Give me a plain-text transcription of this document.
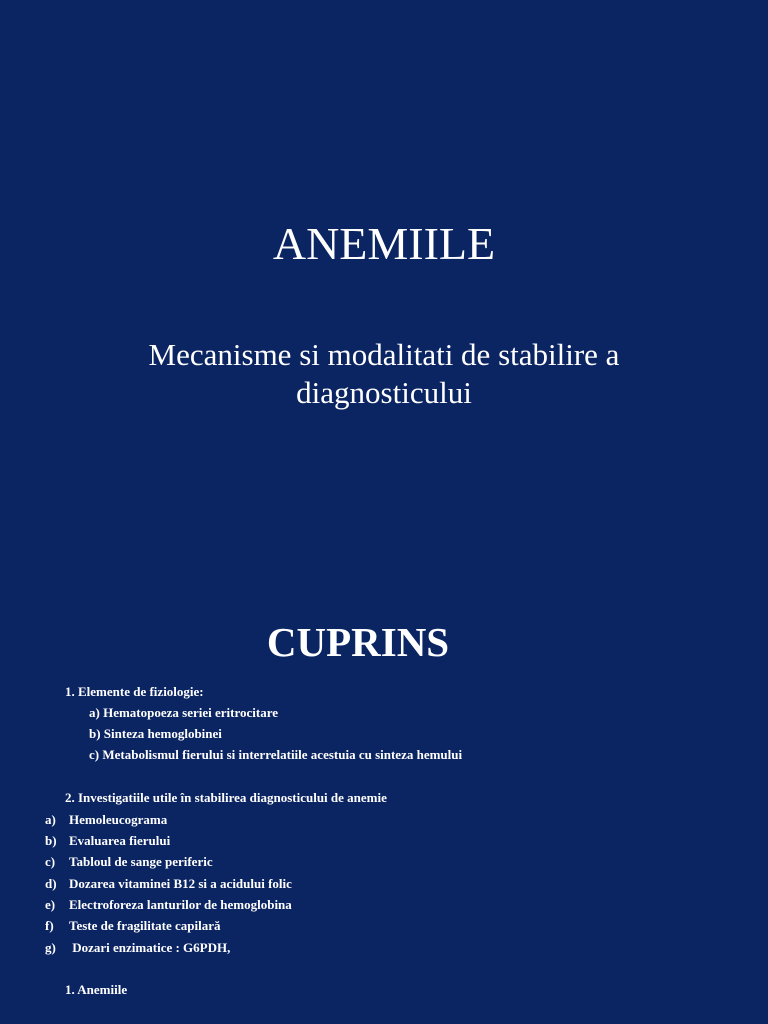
ANEMIILE

Mecanisme si modalitati de stabilire a diagnosticului

CUPRINS
1. Elemente de fiziologie:
a) Hematopoeza seriei eritrocitare
b) Sinteza hemoglobinei
c) Metabolismul fierului si interrelatiile acestuia cu sinteza hemului
2. Investigatiile utile în stabilirea diagnosticului de anemie
a) Hemoleucograma
b) Evaluarea fierului
c) Tabloul de sange periferic
d) Dozarea vitaminei B12 si a acidului folic
e) Electroforeza lanturilor de hemoglobina
f) Teste de fragilitate capilară
g) Dozari enzimatice : G6PDH,
1. Anemiile
